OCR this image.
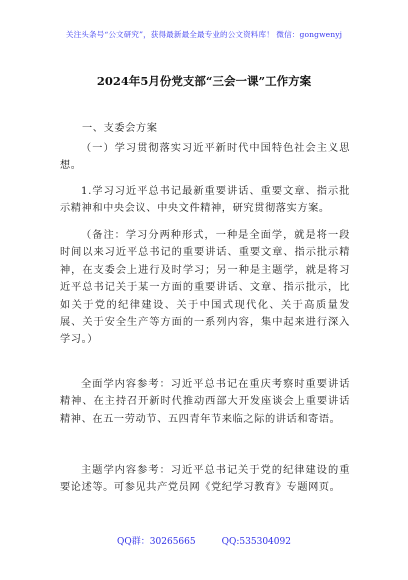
关注头条号“公文研究”，获得最新最全最专业的公文资料库！ 微信：gongwenyj
2024年5月份党支部“三会一课”工作方案
一、支委会方案
（一）学习贯彻落实习近平新时代中国特色社会主义思想。
1.学习习近平总书记最新重要讲话、重要文章、指示批示精神和中央会议、中央文件精神，研究贯彻落实方案。
（备注：学习分两种形式，一种是全面学，就是将一段时间以来习近平总书记的重要讲话、重要文章、指示批示精神，在支委会上进行及时学习；另一种是主题学，就是将习近平总书记关于某一方面的重要讲话、文章、指示批示，比如关于党的纪律建设、关于中国式现代化、关于高质量发展、关于安全生产等方面的一系列内容，集中起来进行深入学习。）
全面学内容参考：习近平总书记在重庆考察时重要讲话精神、在主持召开新时代推动西部大开发座谈会上重要讲话精神、在五一劳动节、五四青年节来临之际的讲话和寄语。
主题学内容参考：习近平总书记关于党的纪律建设的重要论述等。可参见共产党员网《党纪学习教育》专题网页。
QQ群：30265665	QQ:535304092
